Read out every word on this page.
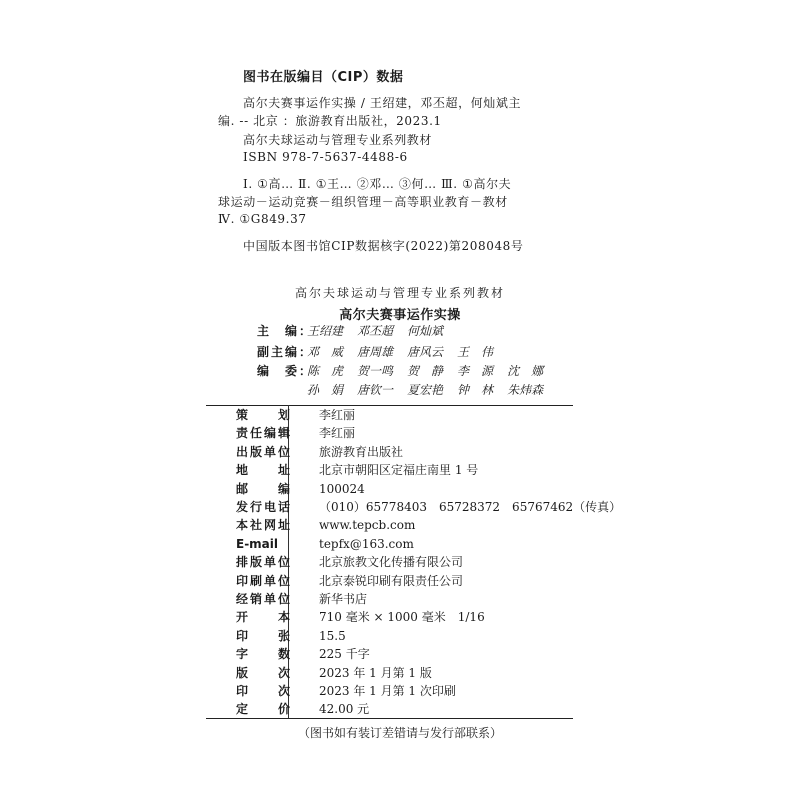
图书在版编目（CIP）数据
高尔夫赛事运作实操 / 王绍建，邓丕超，何灿斌主
编. -- 北京 ：旅游教育出版社，2023.1
高尔夫球运动与管理专业系列教材
ISBN 978-7-5637-4488-6
Ⅰ. ①高… Ⅱ. ①王… ②邓… ③何… Ⅲ. ①高尔夫
球运动－运动竞赛－组织管理－高等职业教育－教材
Ⅳ. ①G849.37
中国版本图书馆CIP数据核字(2022)第208048号
高尔夫球运动与管理专业系列教材
高尔夫赛事运作实操
主　编：
王绍建 邓丕超 何灿斌
副主编：
邓　威 唐周雄 唐风云 王　伟
编　委：
陈　虎 贺一鸣 贺　静 李　源 沈　娜
孙　娟 唐钦一 夏宏艳 钟　林 朱炜森
策划 李红丽
责任编辑 李红丽
出版单位 旅游教育出版社
地址 北京市朝阳区定福庄南里 1 号
邮编 100024
发行电话 （010）65778403　65728372　65767462（传真）
本社网址 www.tepcb.com
E-mail	tepfx@163.com
排版单位 北京旅教文化传播有限公司
印刷单位 北京泰锐印刷有限责任公司
经销单位 新华书店
开本 710 毫米 × 1000 毫米　1/16
印张 15.5
字数 225 千字
版次 2023 年 1 月第 1 版
印次 2023 年 1 月第 1 次印刷
定价 42.00 元
（图书如有装订差错请与发行部联系）
